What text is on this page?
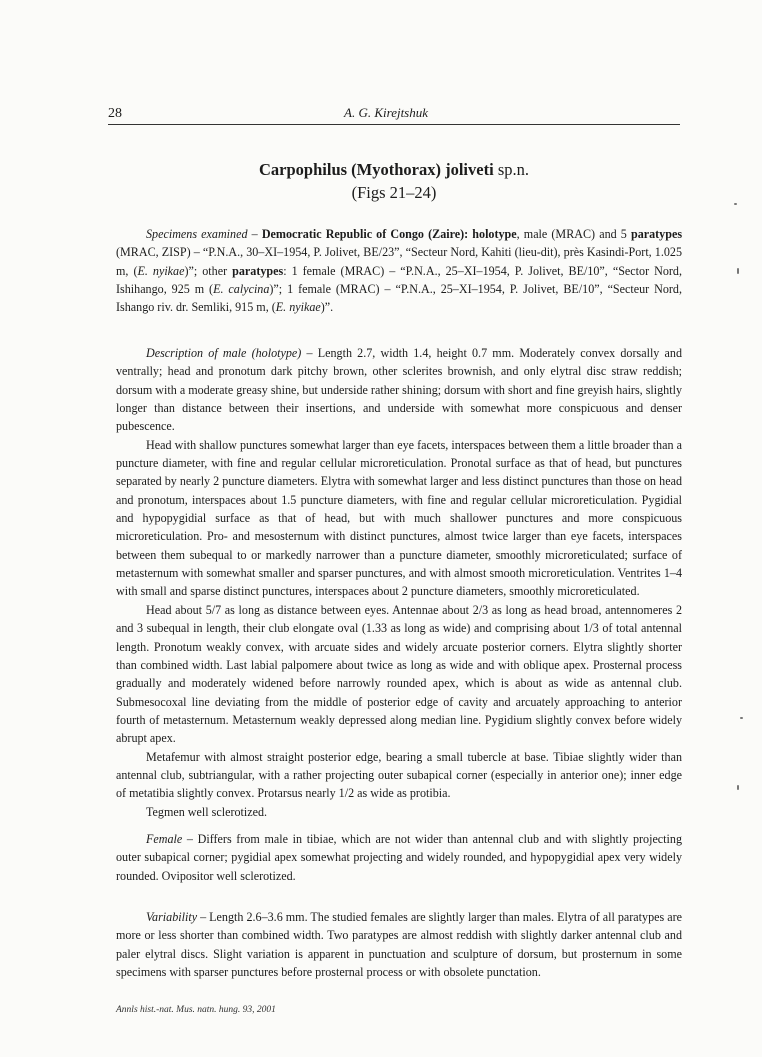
28	A. G. Kirejtshuk
Carpophilus (Myothorax) joliveti sp.n.
(Figs 21–24)

Specimens examined – Democratic Republic of Congo (Zaire): holotype, male (MRAC) and 5 paratypes (MRAC, ZISP) – “P.N.A., 30–XI–1954, P. Jolivet, BE/23”, “Secteur Nord, Kahiti (lieu-dit), près Kasindi-Port, 1.025 m, (E. nyikae)”; other paratypes: 1 female (MRAC) – “P.N.A., 25–XI–1954, P. Jolivet, BE/10”, “Sector Nord, Ishihango, 925 m (E. calycina)”; 1 female (MRAC) – “P.N.A., 25–XI–1954, P. Jolivet, BE/10”, “Secteur Nord, Ishango riv. dr. Semliki, 915 m, (E. nyikae)”.

Description of male (holotype) – Length 2.7, width 1.4, height 0.7 mm. Moderately convex dorsally and ventrally; head and pronotum dark pitchy brown, other sclerites brownish, and only elytral disc straw reddish; dorsum with a moderate greasy shine, but underside rather shining; dorsum with short and fine greyish hairs, slightly longer than distance between their insertions, and underside with somewhat more conspicuous and denser pubescence.

Head with shallow punctures somewhat larger than eye facets, interspaces between them a little broader than a puncture diameter, with fine and regular cellular microreticulation. Pronotal surface as that of head, but punctures separated by nearly 2 puncture diameters. Elytra with somewhat larger and less distinct punctures than those on head and pronotum, interspaces about 1.5 puncture diameters, with fine and regular cellular microreticulation. Pygidial and hypopygidial surface as that of head, but with much shallower punctures and more conspicuous microreticulation. Pro- and mesosternum with distinct punctures, almost twice larger than eye facets, interspaces between them subequal to or markedly narrower than a puncture diameter, smoothly microreticulated; surface of metasternum with somewhat smaller and sparser punctures, and with almost smooth microreticulation. Ventrites 1–4 with small and sparse distinct punctures, interspaces about 2 puncture diameters, smoothly microreticulated.

Head about 5/7 as long as distance between eyes. Antennae about 2/3 as long as head broad, antennomeres 2 and 3 subequal in length, their club elongate oval (1.33 as long as wide) and comprising about 1/3 of total antennal length. Pronotum weakly convex, with arcuate sides and widely arcuate posterior corners. Elytra slightly shorter than combined width. Last labial palpomere about twice as long as wide and with oblique apex. Prosternal process gradually and moderately widened before narrowly rounded apex, which is about as wide as antennal club. Submesocoxal line deviating from the middle of posterior edge of cavity and arcuately approaching to anterior fourth of metasternum. Metasternum weakly depressed along median line. Pygidium slightly convex before widely abrupt apex.

Metafemur with almost straight posterior edge, bearing a small tubercle at base. Tibiae slightly wider than antennal club, subtriangular, with a rather projecting outer subapical corner (especially in anterior one); inner edge of metatibia slightly convex. Protarsus nearly 1/2 as wide as protibia.

Tegmen well sclerotized.

Female – Differs from male in tibiae, which are not wider than antennal club and with slightly projecting outer subapical corner; pygidial apex somewhat projecting and widely rounded, and hypopygidial apex very widely rounded. Ovipositor well sclerotized.

Variability – Length 2.6–3.6 mm. The studied females are slightly larger than males. Elytra of all paratypes are more or less shorter than combined width. Two paratypes are almost reddish with slightly darker antennal club and paler elytral discs. Slight variation is apparent in punctuation and sculpture of dorsum, but prosternum in some specimens with sparser punctures before prosternal process or with obsolete punctation.

Annls hist.-nat. Mus. natn. hung. 93, 2001
